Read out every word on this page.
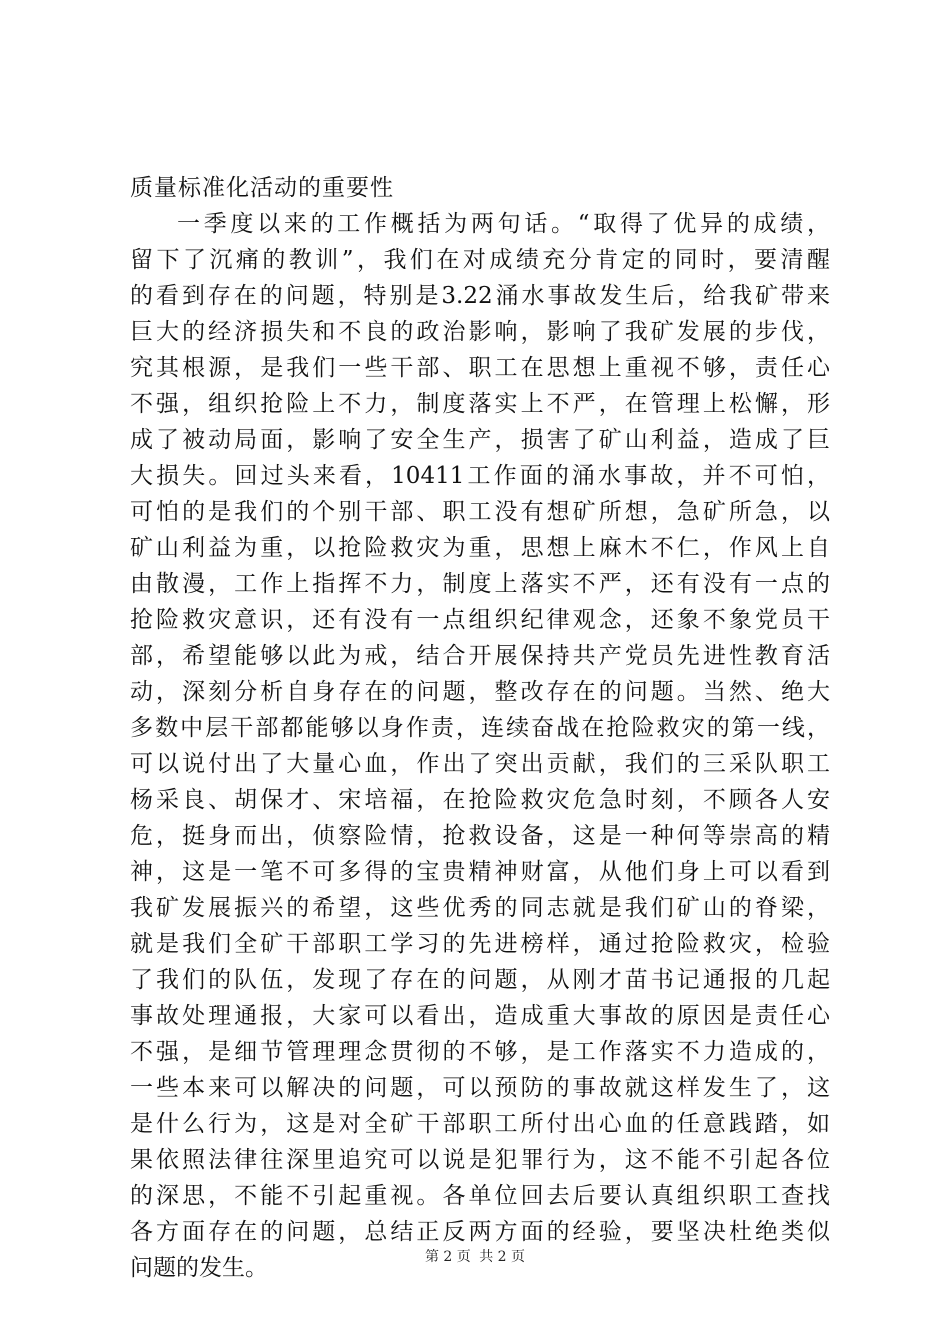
质量标准化活动的重要性
一季度以来的工作概括为两句话。“取得了优异的成绩，
留下了沉痛的教训”，我们在对成绩充分肯定的同时，要清醒
的看到存在的问题，特别是3.22涌水事故发生后，给我矿带来
巨大的经济损失和不良的政治影响，影响了我矿发展的步伐，
究其根源，是我们一些干部、职工在思想上重视不够，责任心
不强，组织抢险上不力，制度落实上不严，在管理上松懈，形
成了被动局面，影响了安全生产，损害了矿山利益，造成了巨
大损失。回过头来看，10411工作面的涌水事故，并不可怕，
可怕的是我们的个别干部、职工没有想矿所想，急矿所急，以
矿山利益为重，以抢险救灾为重，思想上麻木不仁，作风上自
由散漫，工作上指挥不力，制度上落实不严，还有没有一点的
抢险救灾意识，还有没有一点组织纪律观念，还象不象党员干
部，希望能够以此为戒，结合开展保持共产党员先进性教育活
动，深刻分析自身存在的问题，整改存在的问题。当然、绝大
多数中层干部都能够以身作责，连续奋战在抢险救灾的第一线，
可以说付出了大量心血，作出了突出贡献，我们的三采队职工
杨采良、胡保才、宋培福，在抢险救灾危急时刻，不顾各人安
危，挺身而出，侦察险情，抢救设备，这是一种何等崇高的精
神，这是一笔不可多得的宝贵精神财富，从他们身上可以看到
我矿发展振兴的希望，这些优秀的同志就是我们矿山的脊梁，
就是我们全矿干部职工学习的先进榜样，通过抢险救灾，检验
了我们的队伍，发现了存在的问题，从刚才苗书记通报的几起
事故处理通报，大家可以看出，造成重大事故的原因是责任心
不强，是细节管理理念贯彻的不够，是工作落实不力造成的，
一些本来可以解决的问题，可以预防的事故就这样发生了，这
是什么行为，这是对全矿干部职工所付出心血的任意践踏，如
果依照法律往深里追究可以说是犯罪行为，这不能不引起各位
的深思，不能不引起重视。各单位回去后要认真组织职工查找
各方面存在的问题，总结正反两方面的经验，要坚决杜绝类似
问题的发生。	第 2 页 共 2 页
